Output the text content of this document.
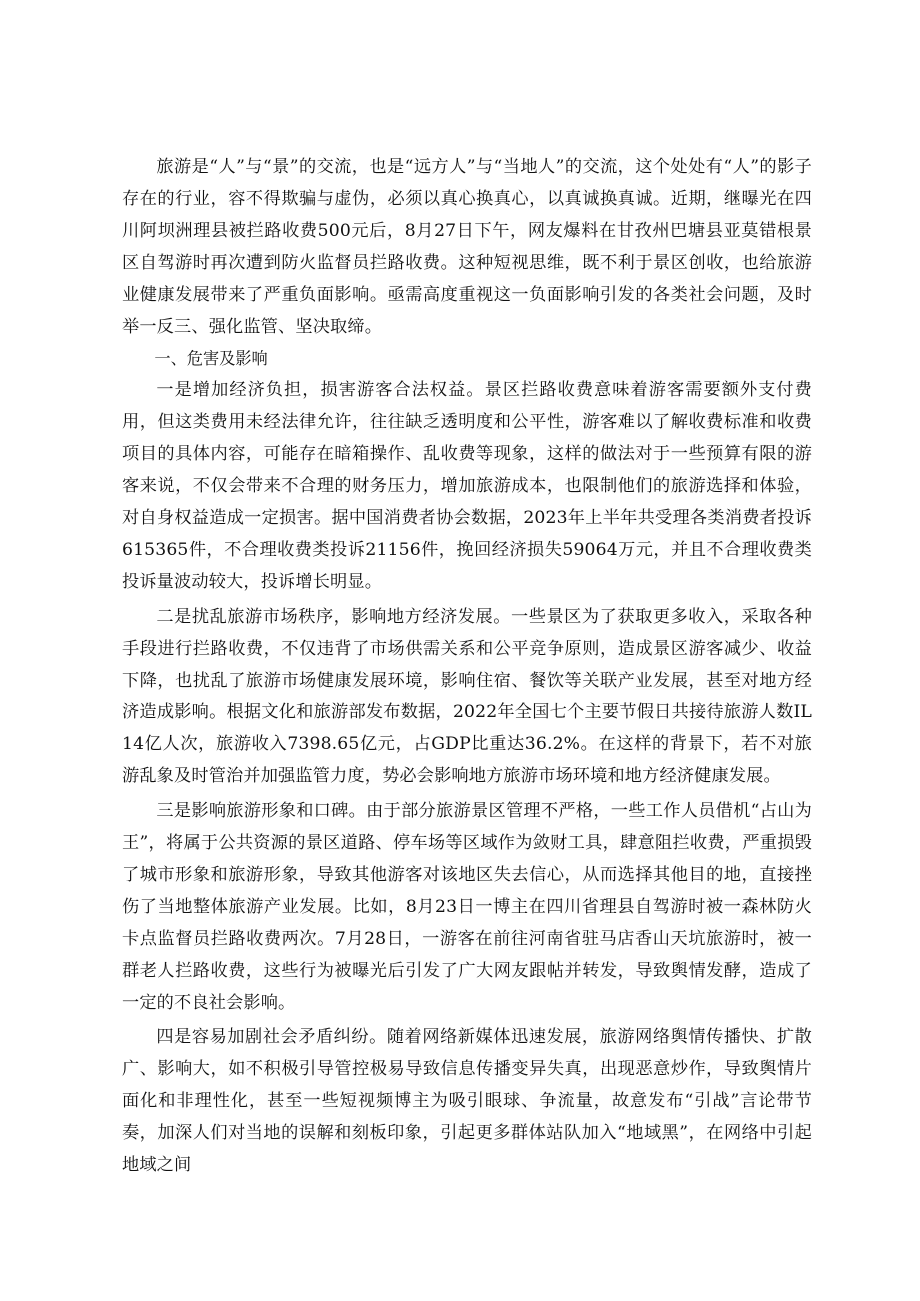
旅游是“人”与“景”的交流，也是“远方人”与“当地人”的交流，这个处处有“人”的影子存在的行业，容不得欺骗与虚伪，必须以真心换真心，以真诚换真诚。近期，继曝光在四川阿坝洲理县被拦路收费500元后，8月27日下午，网友爆料在甘孜州巴塘县亚莫错根景区自驾游时再次遭到防火监督员拦路收费。这种短视思维，既不利于景区创收，也给旅游业健康发展带来了严重负面影响。亟需高度重视这一负面影响引发的各类社会问题，及时举一反三、强化监管、坚决取缔。

一、危害及影响

一是增加经济负担，损害游客合法权益。景区拦路收费意味着游客需要额外支付费用，但这类费用未经法律允许，往往缺乏透明度和公平性，游客难以了解收费标准和收费项目的具体内容，可能存在暗箱操作、乱收费等现象，这样的做法对于一些预算有限的游客来说，不仅会带来不合理的财务压力，增加旅游成本，也限制他们的旅游选择和体验，对自身权益造成一定损害。据中国消费者协会数据，2023年上半年共受理各类消费者投诉615365件，不合理收费类投诉21156件，挽回经济损失59064万元，并且不合理收费类投诉量波动较大，投诉增长明显。

二是扰乱旅游市场秩序，影响地方经济发展。一些景区为了获取更多收入，采取各种手段进行拦路收费，不仅违背了市场供需关系和公平竞争原则，造成景区游客减少、收益下降，也扰乱了旅游市场健康发展环境，影响住宿、餐饮等关联产业发展，甚至对地方经济造成影响。根据文化和旅游部发布数据，2022年全国七个主要节假日共接待旅游人数IL14亿人次，旅游收入7398.65亿元，占GDP比重达36.2%。在这样的背景下，若不对旅游乱象及时管治并加强监管力度，势必会影响地方旅游市场环境和地方经济健康发展。

三是影响旅游形象和口碑。由于部分旅游景区管理不严格，一些工作人员借机“占山为王”，将属于公共资源的景区道路、停车场等区域作为敛财工具，肆意阻拦收费，严重损毁了城市形象和旅游形象，导致其他游客对该地区失去信心，从而选择其他目的地，直接挫伤了当地整体旅游产业发展。比如，8月23日一博主在四川省理县自驾游时被一森林防火卡点监督员拦路收费两次。7月28日，一游客在前往河南省驻马店香山天坑旅游时，被一群老人拦路收费，这些行为被曝光后引发了广大网友跟帖并转发，导致舆情发酵，造成了一定的不良社会影响。

四是容易加剧社会矛盾纠纷。随着网络新媒体迅速发展，旅游网络舆情传播快、扩散广、影响大，如不积极引导管控极易导致信息传播变异失真，出现恶意炒作，导致舆情片面化和非理性化，甚至一些短视频博主为吸引眼球、争流量，故意发布“引战”言论带节奏，加深人们对当地的误解和刻板印象，引起更多群体站队加入“地域黑”，在网络中引起地域之间
